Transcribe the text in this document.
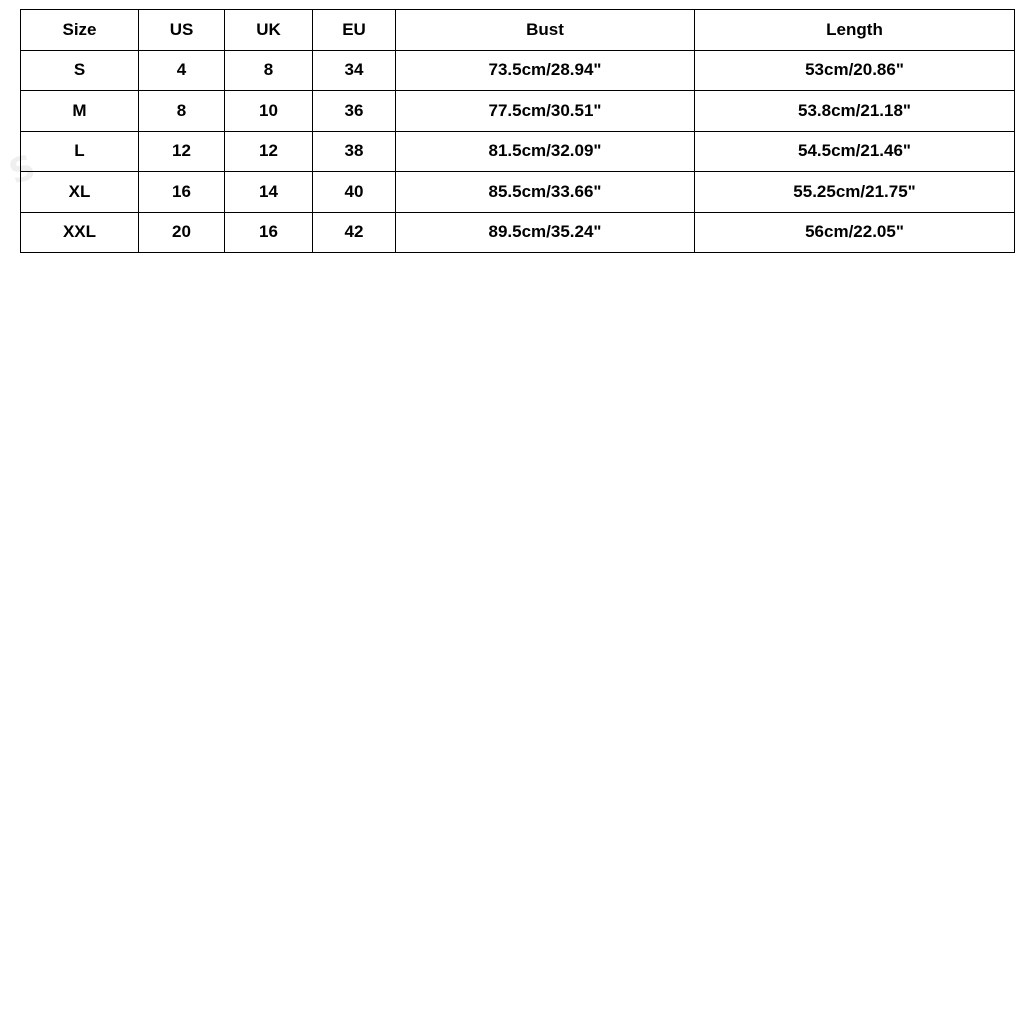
S​	​
​
Size	US	UK	EU	Bust	Length
S	4	8	34	73.5cm/28.94"	53cm/20.86"
M	8	10	36	77.5cm/30.51"	53.8cm/21.18"
L	12	12	38	81.5cm/32.09"	54.5cm/21.46"
XL	16	14	40	85.5cm/33.66"	55.25cm/21.75"
XXL	20	16	42	89.5cm/35.24"	56cm/22.05"
